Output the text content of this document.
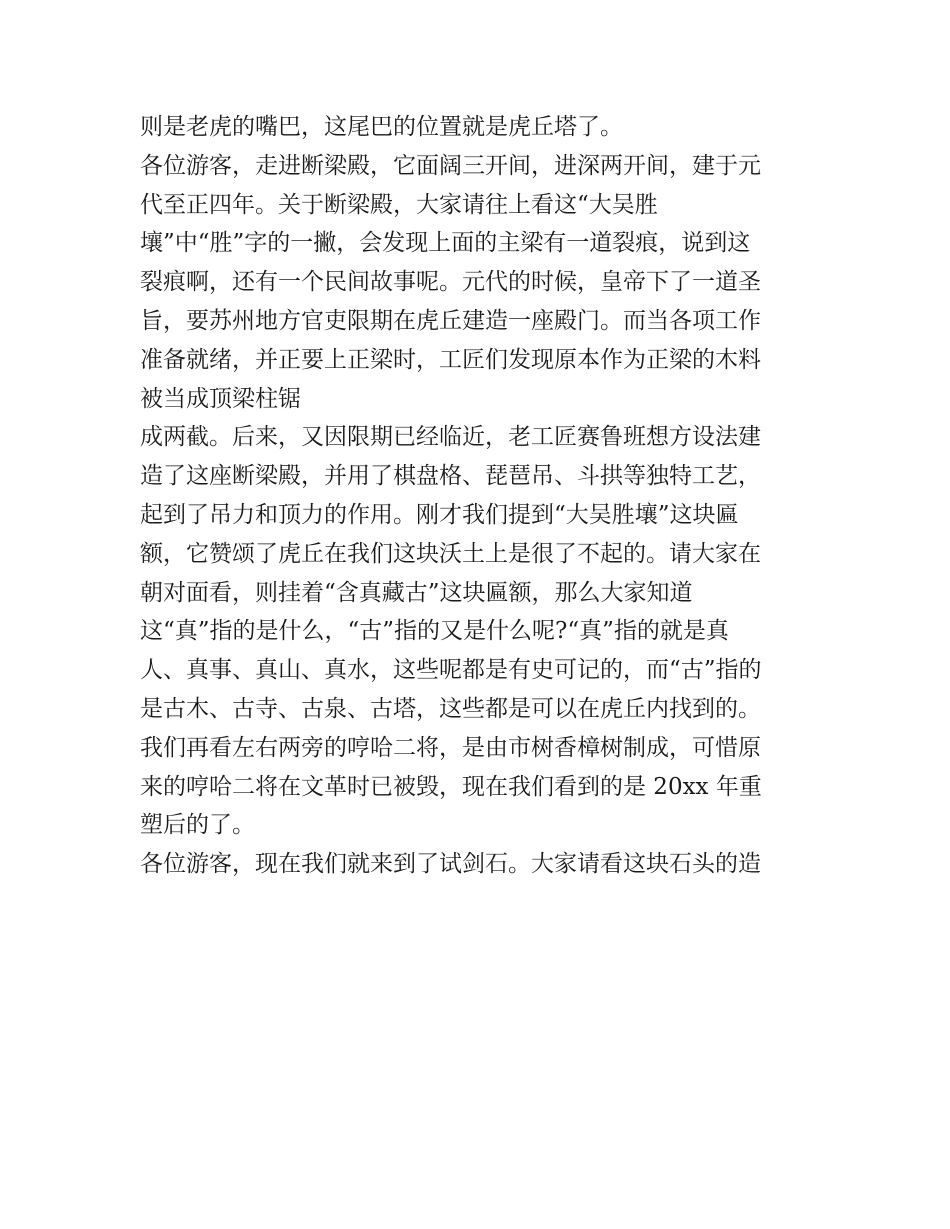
则是老虎的嘴巴，这尾巴的位置就是虎丘塔了。
各位游客，走进断梁殿，它面阔三开间，进深两开间，建于元
代至正四年。关于断梁殿，大家请往上看这“大吴胜
壤”中“胜”字的一撇，会发现上面的主梁有一道裂痕，说到这
裂痕啊，还有一个民间故事呢。元代的时候，皇帝下了一道圣
旨，要苏州地方官吏限期在虎丘建造一座殿门。而当各项工作
准备就绪，并正要上正梁时，工匠们发现原本作为正梁的木料
被当成顶梁柱锯
成两截。后来，又因限期已经临近，老工匠赛鲁班想方设法建
造了这座断梁殿，并用了棋盘格、琵琶吊、斗拱等独特工艺，
起到了吊力和顶力的作用。刚才我们提到“大吴胜壤”这块匾
额，它赞颂了虎丘在我们这块沃土上是很了不起的。请大家在
朝对面看，则挂着“含真藏古”这块匾额，那么大家知道
这“真”指的是什么，“古”指的又是什么呢?“真”指的就是真
人、真事、真山、真水，这些呢都是有史可记的，而“古”指的
是古木、古寺、古泉、古塔，这些都是可以在虎丘内找到的。
我们再看左右两旁的哼哈二将，是由市树香樟树制成，可惜原
来的哼哈二将在文革时已被毁，现在我们看到的是 20xx 年重
塑后的了。
各位游客，现在我们就来到了试剑石。大家请看这块石头的造
